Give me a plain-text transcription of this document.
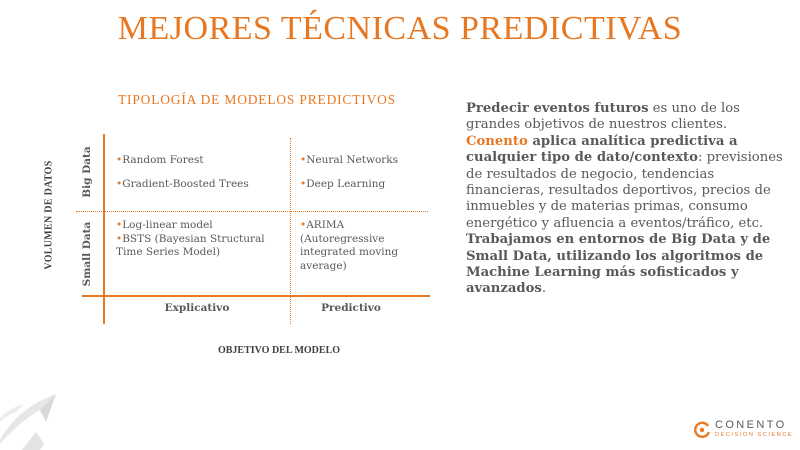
MEJORES TÉCNICAS PREDICTIVAS
TIPOLOGÍA DE MODELOS PREDICTIVOS
VOLUMEN DE DATOS	Big Data
Small Data
•Random Forest
•Gradient-Boosted Trees
•Neural Networks
•Deep Learning
•Log-linear model
•BSTS (Bayesian Structural Time Series Model)
•ARIMA (Autoregressive integrated moving average)
Explicativo	Predictivo
OBJETIVO DEL MODELO
Predecir eventos futuros es uno de los grandes objetivos de nuestros clientes. Conento aplica analítica predictiva a cualquier tipo de dato/contexto: previsiones de resultados de negocio, tendencias financieras, resultados deportivos, precios de inmuebles y de materias primas, consumo energético y afluencia a eventos/tráfico, etc. Trabajamos en entornos de Big Data y de Small Data, utilizando los algoritmos de Machine Learning más sofisticados y avanzados.
CONENTO
DECISION SCIENCE
